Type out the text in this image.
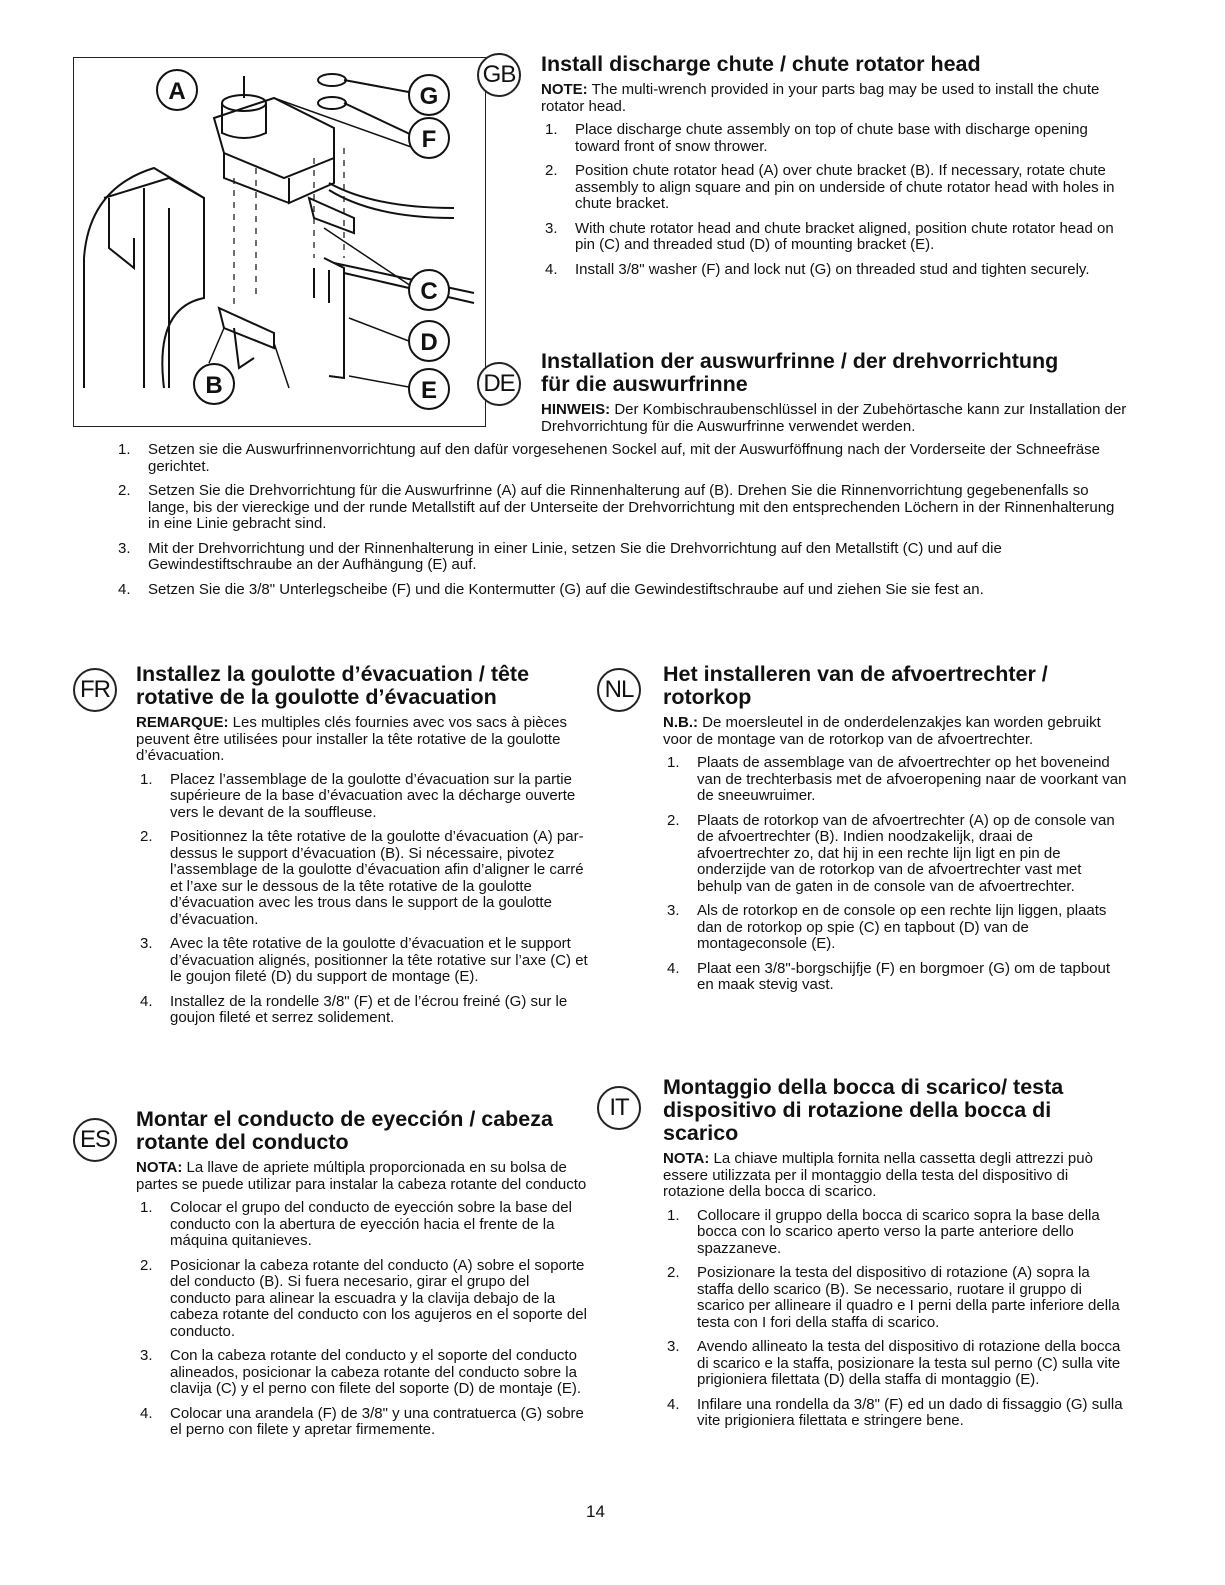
A	G
F
C
D
E
B
GB Install discharge chute / chute rotator head
NOTE: The multi-wrench provided in your parts bag may be used to install the chute rotator head.
1. Place discharge chute assembly on top of chute base with discharge opening toward front of snow thrower.
2. Position chute rotator head (A) over chute bracket (B). If necessary, rotate chute assembly to align square and pin on underside of chute rotator head with holes in chute bracket.
3. With chute rotator head and chute bracket aligned, position chute rotator head on pin (C) and threaded stud (D) of mounting bracket (E).
4. Install 3/8" washer (F) and lock nut (G) on threaded stud and tighten securely.
DE
Installation der auswurfrinne / der drehvorrichtung
für die auswurfrinne
HINWEIS: Der Kombischraubenschlüssel in der Zubehörtasche kann zur Installation der Drehvorrichtung für die Auswurfrinne verwendet werden.
1. Setzen sie die Auswurfrinnenvorrichtung auf den dafür vorgesehenen Sockel auf, mit der Auswurföffnung nach der Vorderseite der Schneefräse gerichtet.
2. Setzen Sie die Drehvorrichtung für die Auswurfrinne (A) auf die Rinnenhalterung auf (B). Drehen Sie die Rinnenvorrichtung gegebenenfalls so lange, bis der viereckige und der runde Metallstift auf der Unterseite der Drehvorrichtung mit den entsprechenden Löchern in der Rinnenhalterung in eine Linie gebracht sind.
3. Mit der Drehvorrichtung und der Rinnenhalterung in einer Linie, setzen Sie die Drehvorrichtung auf den Metallstift (C) und auf die Gewindestiftschraube an der Aufhängung (E) auf.
4. Setzen Sie die 3/8" Unterlegscheibe (F) und die Kontermutter (G) auf die Gewindestiftschraube auf und ziehen Sie sie fest an.
FR
Installez la goulotte d’évacuation / tête rotative de la goulotte d’évacuation
REMARQUE: Les multiples clés fournies avec vos sacs à pièces peuvent être utilisées pour installer la tête rotative de la goulotte d’évacuation.
1. Placez l’assemblage de la goulotte d’évacuation sur la partie supérieure de la base d’évacuation avec la décharge ouverte vers le devant de la souffleuse.
2. Positionnez la tête rotative de la goulotte d’évacuation (A) par-dessus le support d’évacuation (B). Si nécessaire, pivotez l’assemblage de la goulotte d’évacuation afin d’aligner le carré et l’axe sur le dessous de la tête rotative de la goulotte d’évacuation avec les trous dans le support de la goulotte d’évacuation.
3. Avec la tête rotative de la goulotte d’évacuation et le support d’évacuation alignés, positionner la tête rotative sur l’axe (C) et le goujon fileté (D) du support de montage (E).
4. Installez de la rondelle 3/8" (F) et de l’écrou freiné (G) sur le goujon fileté et serrez solidement.
ES
Montar el conducto de eyección / cabeza rotante del conducto
NOTA: La llave de apriete múltipla proporcionada en su bolsa de partes se puede utilizar para instalar la cabeza rotante del conducto
1. Colocar el grupo del conducto de eyección sobre la base del conducto con la abertura de eyección hacia el frente de la máquina quitanieves.
2. Posicionar la cabeza rotante del conducto (A) sobre el soporte del conducto (B). Si fuera necesario, girar el grupo del conducto para alinear la escuadra y la clavija debajo de la cabeza rotante del conducto con los agujeros en el soporte del conducto.
3. Con la cabeza rotante del conducto y el soporte del conducto alineados, posicionar la cabeza rotante del conducto sobre la clavija (C) y el perno con filete del soporte (D) de montaje (E).
4. Colocar una arandela (F) de 3/8" y una contratuerca (G) sobre el perno con filete y apretar firmemente.
NL
Het installeren van de afvoertrechter / rotorkop
N.B.: De moersleutel in de onderdelenzakjes kan worden gebruikt voor de montage van de rotorkop van de afvoertrechter.
1. Plaats de assemblage van de afvoertrechter op het boveneind van de trechterbasis met de afvoeropening naar de voorkant van de sneeuwruimer.
2. Plaats de rotorkop van de afvoertrechter (A) op de console van de afvoertrechter (B). Indien noodzakelijk, draai de afvoertrechter zo, dat hij in een rechte lijn ligt en pin de onderzijde van de rotorkop van de afvoertrechter vast met behulp van de gaten in de console van de afvoertrechter.
3. Als de rotorkop en de console op een rechte lijn liggen, plaats dan de rotorkop op spie (C) en tapbout (D) van de montageconsole (E).
4. Plaat een 3/8"-borgschijfje (F) en borgmoer (G) om de tapbout en maak stevig vast.
IT
Montaggio della bocca di scarico/ testa dispositivo di rotazione della bocca di scarico
NOTA: La chiave multipla fornita nella cassetta degli attrezzi può essere utilizzata per il montaggio della testa del dispositivo di rotazione della bocca di scarico.
1. Collocare il gruppo della bocca di scarico sopra la base della bocca con lo scarico aperto verso la parte anteriore dello spazzaneve.
2. Posizionare la testa del dispositivo di rotazione (A) sopra la staffa dello scarico (B). Se necessario, ruotare il gruppo di scarico per allineare il quadro e I perni della parte inferiore della testa con I fori della staffa di scarico.
3. Avendo allineato la testa del dispositivo di rotazione della bocca di scarico e la staffa, posizionare la testa sul perno (C) sulla vite prigioniera filettata (D) della staffa di montaggio (E).
4. Infilare una rondella da 3/8" (F) ed un dado di fissaggio (G) sulla vite prigioniera filettata e stringere bene.
14
